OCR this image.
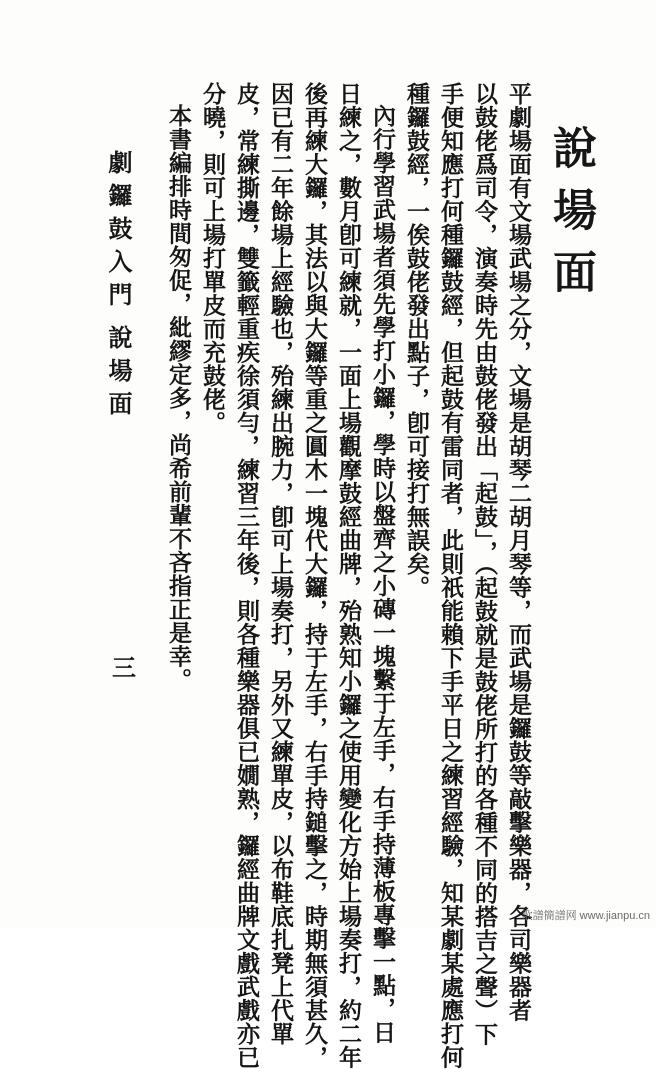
說場面
平劇場面有文場武場之分，文場是胡琴二胡月琴等，而武場是鑼鼓等敲擊樂器，各司樂器者
以鼓佬爲司令，演奏時先由鼓佬發出「起鼓」，（起鼓就是鼓佬所打的各種不同的搭吉之聲）下
手便知應打何種鑼鼓經，但起鼓有雷同者，此則祇能賴下手平日之練習經驗，知某劇某處應打何
種鑼鼓經，一俟鼓佬發出點子，卽可接打無誤矣。
內行學習武場者須先學打小鑼，學時以盤齊之小磚一塊繫于左手，右手持薄板專擊一點，日
日練之，數月卽可練就，一面上場觀摩鼓經曲牌，殆熟知小鑼之使用變化方始上場奏打，約二年
後再練大鑼，其法以與大鑼等重之圓木一塊代大鑼，持于左手，右手持鎚擊之，時期無須甚久，
因已有二年餘場上經驗也，殆練出腕力，卽可上場奏打，另外又練單皮，以布鞋底扎凳上代單
皮，常練撕邊，雙籤輕重疾徐須勻，練習三年後，則各種樂器俱已嫺熟，鑼經曲牌文戲武戲亦已
分曉，則可上場打單皮而充鼓佬。
本書編排時間匆促，紕繆定多，尚希前輩不吝指正是幸。
劇鑼鼓入門
說場面
三
歌譜簡譜网 www.jianpu.cn
